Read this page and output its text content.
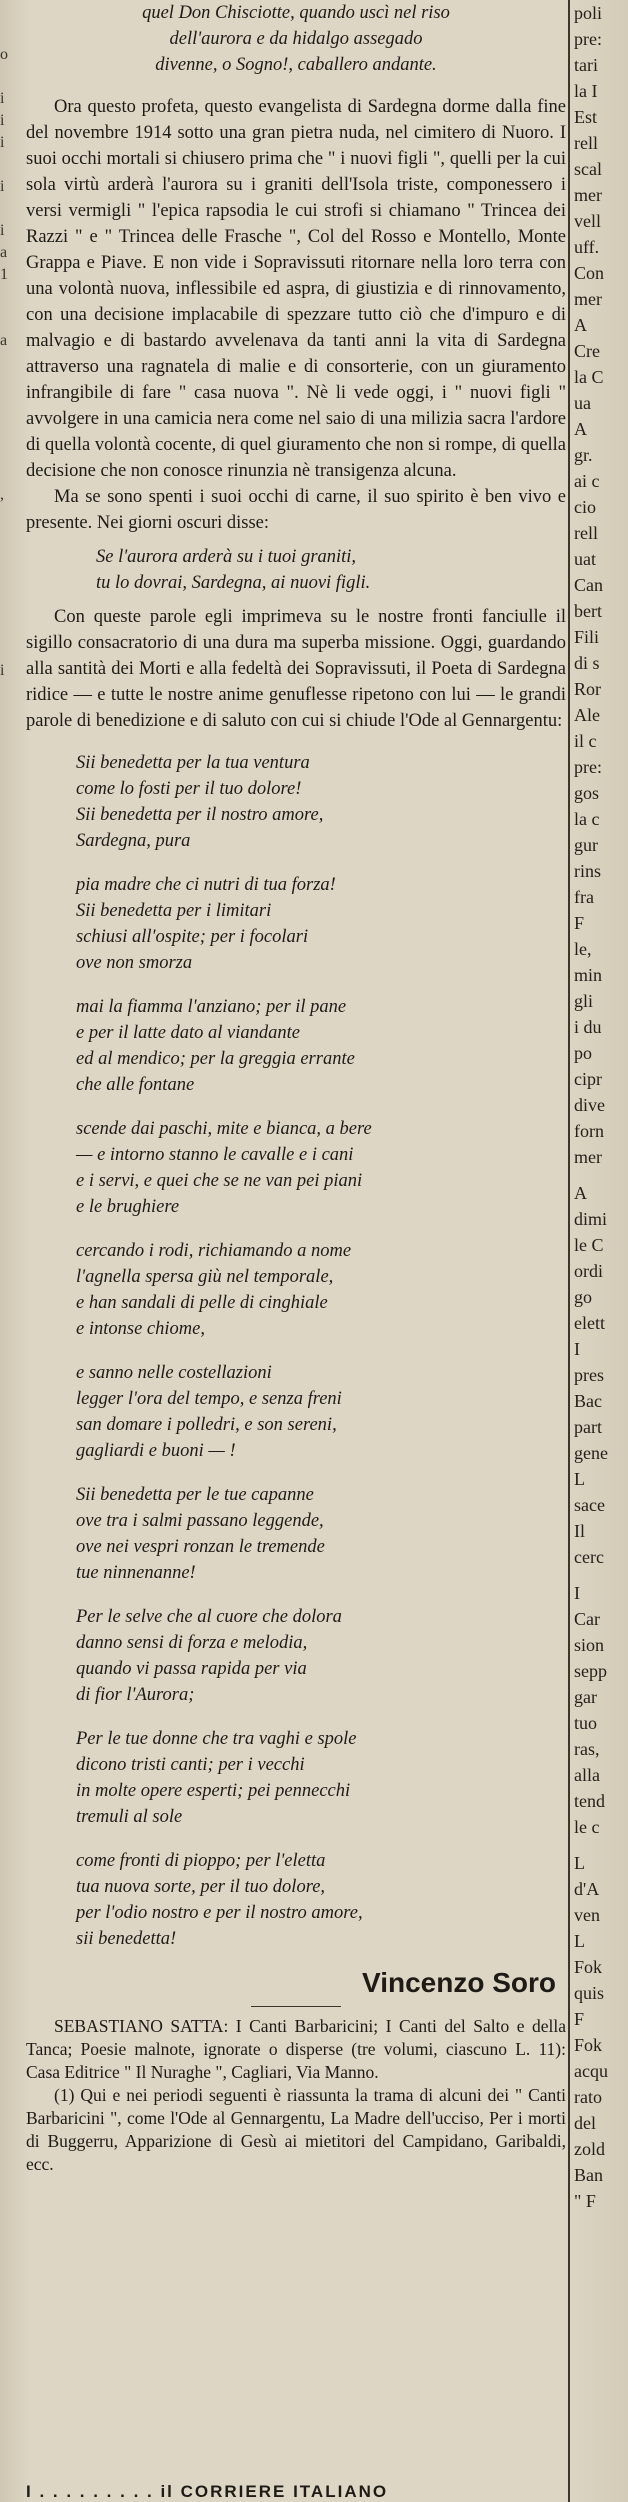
o
i
i
i
i
i
a
1
a
,
i

quel Don Chisciotte, quando uscì nel riso

dell'aurora e da hidalgo assegado

divenne, o Sogno!, caballero andante.

Ora questo profeta, questo evangelista di Sardegna dorme dalla fine del novembre 1914 sotto una gran pietra nuda, nel cimitero di Nuoro. I suoi occhi mortali si chiusero prima che " i nuovi figli ", quelli per la cui sola virtù arderà l'aurora su i graniti dell'Isola triste, componessero i versi vermigli " l'epica rapsodia le cui strofi si chiamano " Trincea dei Razzi " e " Trincea delle Frasche ", Col del Rosso e Montello, Monte Grappa e Piave. E non vide i Sopravissuti ritornare nella loro terra con una volontà nuova, inflessibile ed aspra, di giustizia e di rinnovamento, con una decisione implacabile di spezzare tutto ciò che d'impuro e di malvagio e di bastardo avvelenava da tanti anni la vita di Sardegna attraverso una ragnatela di malie e di consorterie, con un giuramento infrangibile di fare " casa nuova ". Nè li vede oggi, i " nuovi figli " avvolgere in una camicia nera come nel saio di una milizia sacra l'ardore di quella volontà cocente, di quel giuramento che non si rompe, di quella decisione che non conosce rinunzia nè transigenza alcuna.

Ma se sono spenti i suoi occhi di carne, il suo spirito è ben vivo e presente. Nei giorni oscuri disse:

Se l'aurora arderà su i tuoi graniti,

tu lo dovrai, Sardegna, ai nuovi figli.

Con queste parole egli imprimeva su le nostre fronti fanciulle il sigillo consacratorio di una dura ma superba missione. Oggi, guardando alla santità dei Morti e alla fedeltà dei Sopravissuti, il Poeta di Sardegna ridice — e tutte le nostre anime genuflesse ripetono con lui — le grandi parole di benedizione e di saluto con cui si chiude l'Ode al Gennargentu:

Sii benedetta per la tua ventura

come lo fosti per il tuo dolore!

Sii benedetta per il nostro amore,

Sardegna, pura

pia madre che ci nutri di tua forza!

Sii benedetta per i limitari

schiusi all'ospite; per i focolari

ove non smorza

mai la fiamma l'anziano; per il pane

e per il latte dato al viandante

ed al mendico; per la greggia errante

che alle fontane

scende dai paschi, mite e bianca, a bere

— e intorno stanno le cavalle e i cani

e i servi, e quei che se ne van pei piani

e le brughiere

cercando i rodi, richiamando a nome

l'agnella spersa giù nel temporale,

e han sandali di pelle di cinghiale

e intonse chiome,

e sanno nelle costellazioni

legger l'ora del tempo, e senza freni

san domare i polledri, e son sereni,

gagliardi e buoni — !

Sii benedetta per le tue capanne

ove tra i salmi passano leggende,

ove nei vespri ronzan le tremende

tue ninnenanne!

Per le selve che al cuore che dolora

danno sensi di forza e melodia,

quando vi passa rapida per via

di fior l'Aurora;

Per le tue donne che tra vaghi e spole

dicono tristi canti; per i vecchi

in molte opere esperti; pei pennecchi

tremuli al sole

come fronti di pioppo; per l'eletta

tua nuova sorte, per il tuo dolore,

per l'odio nostro e per il nostro amore,

sii benedetta!

Vincenzo Soro

SEBASTIANO SATTA: I Canti Barbaricini; I Canti del Salto e della Tanca; Poesie malnote, ignorate o disperse (tre volumi, ciascuno L. 11): Casa Editrice " Il Nuraghe ", Cagliari, Via Manno.

(1) Qui e nei periodi seguenti è riassunta la trama di alcuni dei " Canti Barbaricini ", come l'Ode al Gennargentu, La Madre dell'ucciso, Per i morti di Buggerru, Apparizione di Gesù ai mietitori del Campidano, Garibaldi, ecc.

poli
pre:
tari
la I
Est
rell
scal
mer
vell
uff.
Con
mer
A
Cre
la C
ua
A
gr.
ai c
cio
rell
uat
Can
bert
Fili
di s
Ror
Ale
il c
pre:
gos
la c
gur
rins
fra
F
le,
min
gli
i du
po
cipr
dive
forn
mer
A
dimi
le C
ordi
go
elett
I
pres
Bac
part
gene
L
sace
Il
cerc
I
Car
sion
sepp
gar
tuo
ras,
alla
tend
le c
L
d'A
ven
L
Fok
quis
F
Fok
acqu
rato
del
zold
Ban
" F
I . . . . . . . . . il CORRIERE ITALIANO
